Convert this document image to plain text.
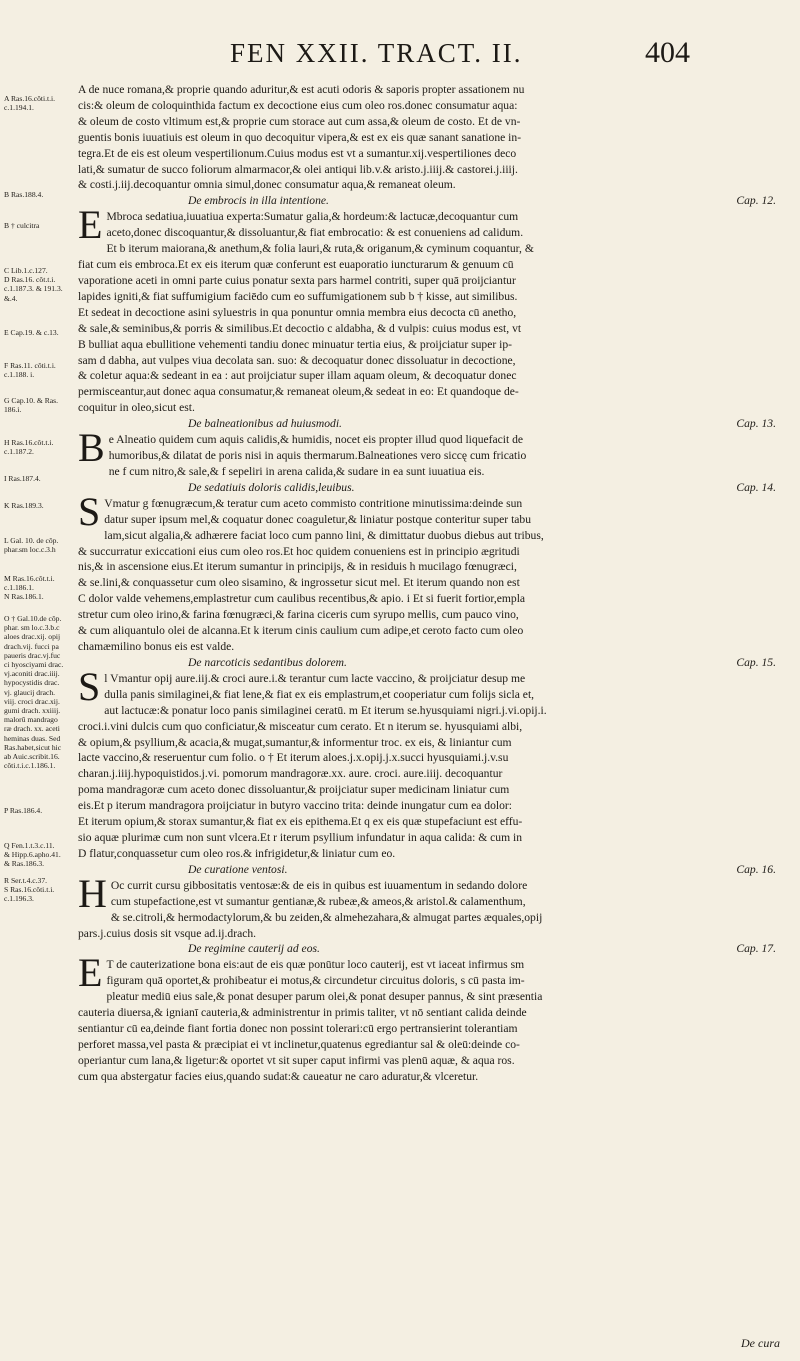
FEN XXII. TRACT. II.	404
A Ras.16.côti.t.i.
c.1.194.1.
B Ras.188.4.
B † culcitra
C Lib.1.c.127.
D Ras.16. côt.t.i.
c.1.187.3. & 191.3.
&.4.
E Cap.19. & c.13.
F Ras.11. côti.t.i.
c.1.188. i.
G Cap.10. & Ras.
186.i.
H Ras.16.côt.t.i.
c.1.187.2.
I Ras.187.4.
K Ras.189.3.
L Gal. 10. de côp.
phar.sm loc.c.3.h
M Ras.16.côt.t.i.
c.1.186.1.
N Ras.186.1.
O † Gal.10.de côp.
phar. sm lo.c.3.b.c
aloes drac.xij. opij
drach.vij. fucci pa
paueris drac.vj.fuc
ci hyosciyami drac.
vj.aconiti drac.iiij.
hypocystidis drac.
vj. glaucij drach.
viij. croci drac.xij.
gumi drach. xxiiij.
malorū mandrago
ræ drach. xx. aceti
heminas duas. Sed
Ras.habet,sicut hic
ab Auic.scribit.16.
côti.t.i.c.1.186.1.
P Ras.186.4.
Q Fen.1.t.3.c.11.
& Hipp.6.apho.41.
& Ras.186.3.
R Ser.t.4.c.37.
S Ras.16.côti.t.i.
c.1.196.3.
A de nuce romana,& proprie quando aduritur,& est acuti odoris & saporis propter assationem nu
cis:& oleum de coloquinthida factum ex decoctione eius cum oleo ros.donec consumatur aqua:
& oleum de costo vltimum est,& proprie cum storace aut cum assa,& oleum de costo. Et de vn-
guentis bonis iuuatiuis est oleum in quo decoquitur vipera,& est ex eis quæ sanant sanatione in-
tegra.Et de eis est oleum vespertilionum.Cuius modus est vt a sumantur.xij.vespertiliones deco
lati,& sumatur de succo foliorum almarmacor,& olei antiqui lib.v.& aristo.j.iiij.& castorei.j.iiij.
& costi.j.iij.decoquantur omnia simul,donec consumatur aqua,& remaneat oleum.
De embrocis in illa intentione.	Cap. 12.
E Mbroca sedatiua,iuuatiua experta:Sumatur galia,& hordeum:& lactucæ,decoquantur cum
aceto,donec discoquantur,& dissoluantur,& fiat embrocatio: & est conueniens ad calidum.
Et b iterum maiorana,& anethum,& folia lauri,& ruta,& origanum,& cyminum coquantur, &
fiat cum eis embroca.Et ex eis iterum quæ conferunt est euaporatio iuncturarum & genuum cū
vaporatione aceti in omni parte cuius ponatur sexta pars harmel contriti, super quā proijciantur
lapides igniti,& fiat suffumigium faciēdo cum eo suffumigationem sub b † kisse, aut similibus.
Et sedeat in decoctione asini syluestris in qua ponuntur omnia membra eius decocta cū anetho,
& sale,& seminibus,& porris & similibus.Et decoctio c aldabha, & d vulpis: cuius modus est, vt
B bulliat aqua ebullitione vehementi tandiu donec minuatur tertia eius, & proijciatur super ip-
sam d dabha, aut vulpes viua decolata san. suo: & decoquatur donec dissoluatur in decoctione,
& coletur aqua:& sedeant in ea : aut proijciatur super illam aquam oleum, & decoquatur donec
permisceantur,aut donec aqua consumatur,& remaneat oleum,& sedeat in eo: Et quandoque de-
coquitur in oleo,sicut est.
De balneationibus ad huiusmodi.	Cap. 13.
B e Alneatio quidem cum aquis calidis,& humidis, nocet eis propter illud quod liquefacit de
humoribus,& dilatat de poris nisi in aquis thermarum.Balneationes vero siccę cum fricatio
ne f cum nitro,& sale,& f sepeliri in arena calida,& sudare in ea sunt iuuatiua eis.
De sedatiuis doloris calidis,leuibus.	Cap. 14.
S Vmatur g fœnugræcum,& teratur cum aceto commisto contritione minutissima:deinde sun
datur super ipsum mel,& coquatur donec coaguletur,& liniatur postque conteritur super tabu
lam,sicut algalia,& adhærere faciat loco cum panno lini, & dimittatur duobus diebus aut tribus,
& succurratur exiccationi eius cum oleo ros.Et hoc quidem conueniens est in principio ægritudi
nis,& in ascensione eius.Et iterum sumantur in principijs, & in residuis h mucilago fœnugræci,
& se.lini,& conquassetur cum oleo sisamino, & ingrossetur sicut mel. Et iterum quando non est
C dolor valde vehemens,emplastretur cum caulibus recentibus,& apio. i Et si fuerit fortior,empla
stretur cum oleo irino,& farina fœnugræci,& farina ciceris cum syrupo mellis, cum pauco vino,
& cum aliquantulo olei de alcanna.Et k iterum cinis caulium cum adipe,et ceroto facto cum oleo
chamæmilino bonus eis est valde.
De narcoticis sedantibus dolorem.	Cap. 15.
S l Vmantur opij aure.iij.& croci aure.i.& terantur cum lacte vaccino, & proijciatur desup me
dulla panis similaginei,& fiat lene,& fiat ex eis emplastrum,et cooperiatur cum folijs sicla et,
aut lactucæ:& ponatur loco panis similaginei ceratū. m Et iterum se.hyusquiami nigri.j.vi.opij.i.
croci.i.vini dulcis cum quo conficiatur,& misceatur cum cerato. Et n iterum se. hyusquiami albi,
& opium,& psyllium,& acacia,& mugat,sumantur,& informentur troc. ex eis, & liniantur cum
lacte vaccino,& reseruentur cum folio. o † Et iterum aloes.j.x.opij.j.x.succi hyusquiami.j.v.su
charan.j.iiij.hypoquistidos.j.vi. pomorum mandragoræ.xx. aure. croci. aure.iiij. decoquantur
poma mandragoræ cum aceto donec dissoluantur,& proijciatur super medicinam liniatur cum
eis.Et p iterum mandragora proijciatur in butyro vaccino trita: deinde inungatur cum ea dolor:
Et iterum opium,& storax sumantur,& fiat ex eis epithema.Et q ex eis quæ stupefaciunt est effu-
sio aquæ plurimæ cum non sunt vlcera.Et r iterum psyllium infundatur in aqua calida: & cum in
D flatur,conquassetur cum oleo ros.& infrigidetur,& liniatur cum eo.
De curatione ventosi.	Cap. 16.
H Oc currit cursu gibbositatis ventosæ:& de eis in quibus est iuuamentum in sedando dolore
cum stupefactione,est vt sumantur gentianæ,& rubeæ,& ameos,& aristol.& calamenthum,
& se.citroli,& hermodactylorum,& bu zeiden,& almehezahara,& almugat partes æquales,opij
pars.j.cuius dosis sit vsque ad.ij.drach.
De regimine cauterij ad eos.	Cap. 17.
E T de cauterizatione bona eis:aut de eis quæ ponūtur loco cauterij, est vt iaceat infirmus sm
figuram quā oportet,& prohibeatur ei motus,& circundetur circuitus doloris, s cū pasta im-
pleatur mediū eius sale,& ponat desuper parum olei,& ponat desuper pannus, & sint præsentia
cauteria diuersa,& ignianī cauteria,& administrentur in primis taliter, vt nō sentiant calida deinde
sentiantur cū ea,deinde fiant fortia donec non possint tolerari:cū ergo pertransierint tolerantiam
perforet massa,vel pasta & præcipiat ei vt inclinetur,quatenus egrediantur sal & oleū:deinde co-
operiantur cum lana,& ligetur:& oportet vt sit super caput infirmi vas plenū aquæ, & aqua ros.
cum qua abstergatur facies eius,quando sudat:& caueatur ne caro aduratur,& vlceretur.
De cura
